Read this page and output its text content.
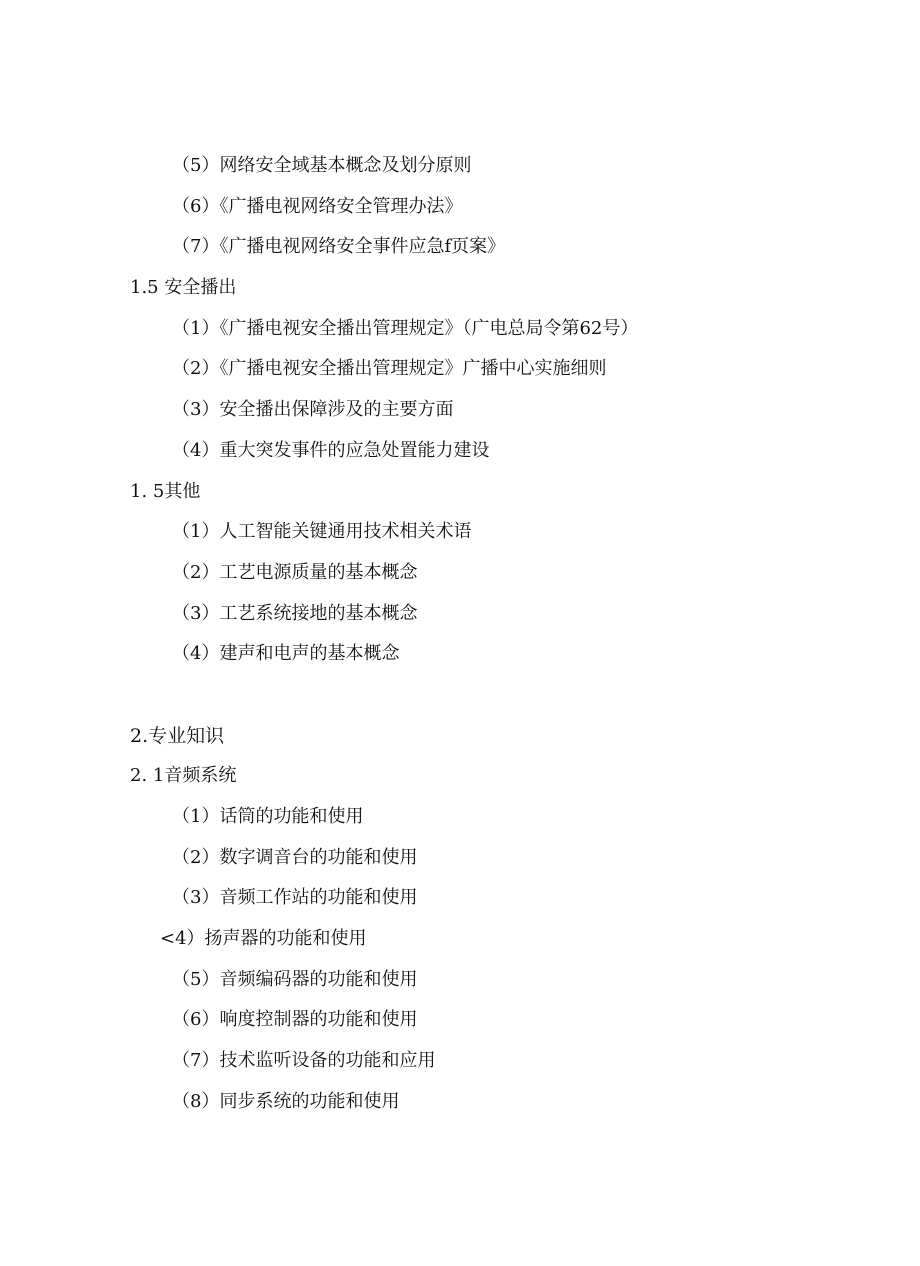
（5）网络安全域基本概念及划分原则
（6）《广播电视网络安全管理办法》
（7）《广播电视网络安全事件应急f页案》
1.5 安全播出
（1）《广播电视安全播出管理规定》（广电总局令第62号）
（2）《广播电视安全播出管理规定》广播中心实施细则
（3）安全播出保障涉及的主要方面
（4）重大突发事件的应急处置能力建设
1. 5其他
（1）人工智能关键通用技术相关术语
（2）工艺电源质量的基本概念
（3）工艺系统接地的基本概念
（4）建声和电声的基本概念
2.专业知识
2. 1音频系统
（1）话筒的功能和使用
（2）数字调音台的功能和使用
（3）音频工作站的功能和使用
<4）扬声器的功能和使用
（5）音频编码器的功能和使用
（6）响度控制器的功能和使用
（7）技术监听设备的功能和应用
（8）同步系统的功能和使用
